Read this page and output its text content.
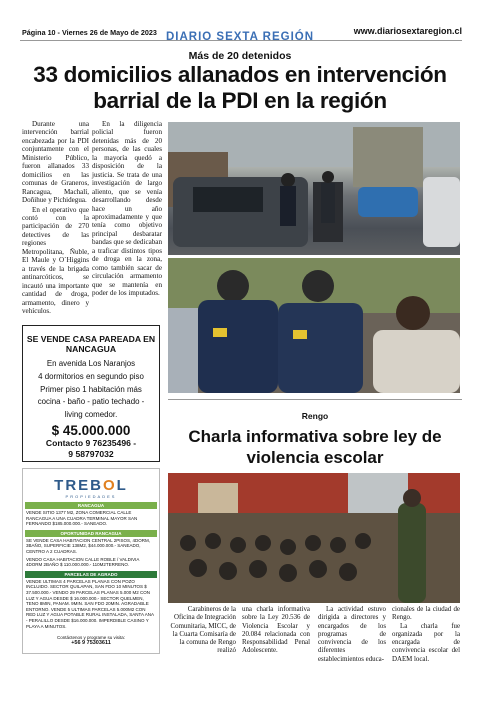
Página 10 - Viernes 26 de Mayo de 2023 DIARIO SEXTA REGIÓN	www.diariosextaregion.cl
Más de 20 detenidos
33 domicilios allanados en intervención barrial de la PDI en la región

Durante una intervención barrial encabezada por la PDI conjuntamente con el Ministerio Público, fueron allanados 33 domicilios en las comunas de Graneros, Rancagua, Machalí, Doñihue y Pichidegua.

En el operativo que contó con la participación de 270 detectives de las regiones Metropolitana, Ñuble, El Maule y O´Higgins a través de la brigada antinarcóticos, se incautó una importante cantidad de droga, armamento, dinero y vehículos.

En la diligencia policial fueron detenidas más de 20 personas, de las cuales la mayoría quedó a disposición de la justicia. Se trata de una investigación de largo aliento, que se venía desarrollando desde hace un año aproximadamente y que tenía como objetivo principal desbaratar bandas que se dedicaban a traficar distintos tipos de droga en la zona, como también sacar de circulación armamento que se mantenía en poder de los imputados.

SE VENDE CASA PAREADA EN NANCAGUA
En avenida Los Naranjos
4 dormitorios en segundo piso
Primer piso 1 habitación más
cocina - baño - patio techado -
living comedor.
$ 45.000.000
Contacto 9 76235496 -
9 58797032
TREBOL
PROPIEDADES
RANCAGUA
VENDE SITIO 1377 M2, ZONA COMERCIAL CALLE RANCAGUA A UNA CUADRA TERMINAL MAYOR SAN FERNANDO $185.000.000.- SANEADO.
OPORTUNIDAD RANCAGUA
SE VENDE CASA HABITACION CENTRAL 2PISOS, 4DORM, 3BAÑO, SUPERFICIE 138M2, $44.000.000.- SANEADO, CENTRO A 2 CUADRAS.
VENDO CASA HABITACION CALLE ROBLE / VALDIVIA 4DORM 2BAÑO $ 110.000.000.- 110M2TERRENO.
PARCELAS DE AGRADO
VENDE ULTIMAS 4 PARCELAS PLANAS CON POZO INCLUIDO. SECTOR QUILAPAN, SAN FDO 10 MINUTOS $ 37.500.000.- VENDO 29 PARCELAS PLANAS 5.000 M2 CON LUZ Y AGUA DESDE $ 16.000.000.- SECTOR QUELMEN, TENO 8MIN, PANAM. 9MIN. SAN FDO 20MIN. AGRADABLE ENTORNO. VENDE 5 ULTIMAS PARCELAS 5.000M2 CON RED LUZ Y AGUA POTABLE RURAL INSTALADA, SANTA ANA - PERALILLO DESDE $16.000.000. IMPERDIBLE CASINO Y PLAYA A MINUTOS.
Contáctenos y programe su visita:
+56 9 75303611
Rengo
Charla informativa sobre ley de violencia escolar
Carabineros de la Oficina de Integración Comunitaria, MICC, de la Cuarta Comisaría de la comuna de Rengo realizó
una charla informativa sobre la Ley 20.536 de Violencia Escolar y 20.084 relacionada con Responsabilidad Penal Adolescente.
La actividad estuvo dirigida a directores y encargados de los programas de convivencia de los diferentes establecimientos educa-

cionales de la ciudad de Rengo.

La charla fue organizada por la encargada de convivencia escolar del DAEM local.
